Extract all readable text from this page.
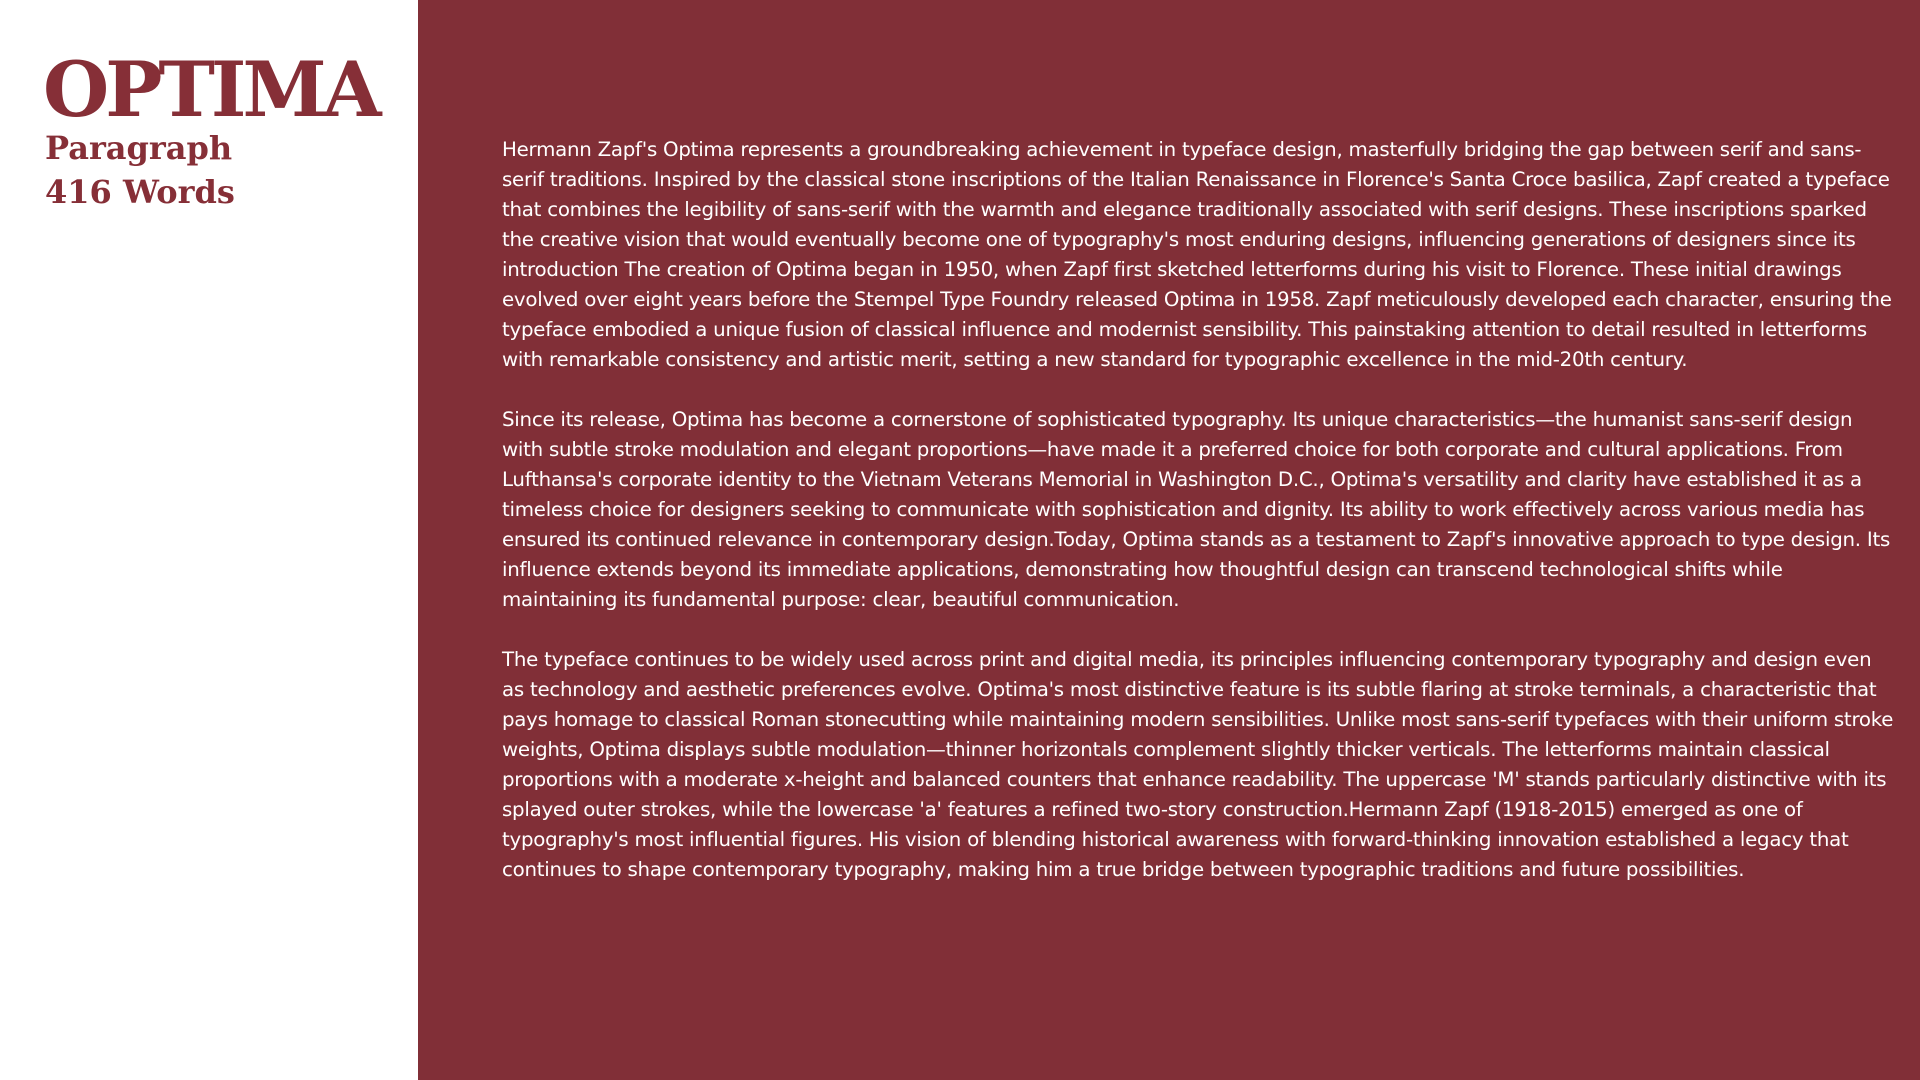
OPTIMA
Paragraph
416 Words

Hermann Zapf's Optima represents a groundbreaking achievement in typeface design, masterfully bridging the gap between serif and sans-serif traditions. Inspired by the classical stone inscriptions of the Italian Renaissance in Florence's Santa Croce basilica, Zapf created a typeface that combines the legibility of sans-serif with the warmth and elegance traditionally associated with serif designs. These inscriptions sparked the creative vision that would eventually become one of typography's most enduring designs, influencing generations of designers since its introduction The creation of Optima began in 1950, when Zapf first sketched letterforms during his visit to Florence. These initial drawings evolved over eight years before the Stempel Type Foundry released Optima in 1958. Zapf meticulously developed each character, ensuring the typeface embodied a unique fusion of classical influence and modernist sensibility. This painstaking attention to detail resulted in letterforms with remarkable consistency and artistic merit, setting a new standard for typographic excellence in the mid-20th century.

Since its release, Optima has become a cornerstone of sophisticated typography. Its unique characteristics—the humanist sans-serif design with subtle stroke modulation and elegant proportions—have made it a preferred choice for both corporate and cultural applications. From Lufthansa's corporate identity to the Vietnam Veterans Memorial in Washington D.C., Optima's versatility and clarity have established it as a timeless choice for designers seeking to communicate with sophistication and dignity. Its ability to work effectively across various media has ensured its continued relevance in contemporary design.Today, Optima stands as a testament to Zapf's innovative approach to type design. Its influence extends beyond its immediate applications, demonstrating how thoughtful design can transcend technological shifts while maintaining its fundamental purpose: clear, beautiful communication.

The typeface continues to be widely used across print and digital media, its principles influencing contemporary typography and design even as technology and aesthetic preferences evolve. Optima's most distinctive feature is its subtle flaring at stroke terminals, a characteristic that pays homage to classical Roman stonecutting while maintaining modern sensibilities. Unlike most sans-serif typefaces with their uniform stroke weights, Optima displays subtle modulation—thinner horizontals complement slightly thicker verticals. The letterforms maintain classical proportions with a moderate x-height and balanced counters that enhance readability. The uppercase 'M' stands particularly distinctive with its splayed outer strokes, while the lowercase 'a' features a refined two-story construction.Hermann Zapf (1918-2015) emerged as one of typography's most influential figures. His vision of blending historical awareness with forward-thinking innovation established a legacy that continues to shape contemporary typography, making him a true bridge between typographic traditions and future possibilities.
